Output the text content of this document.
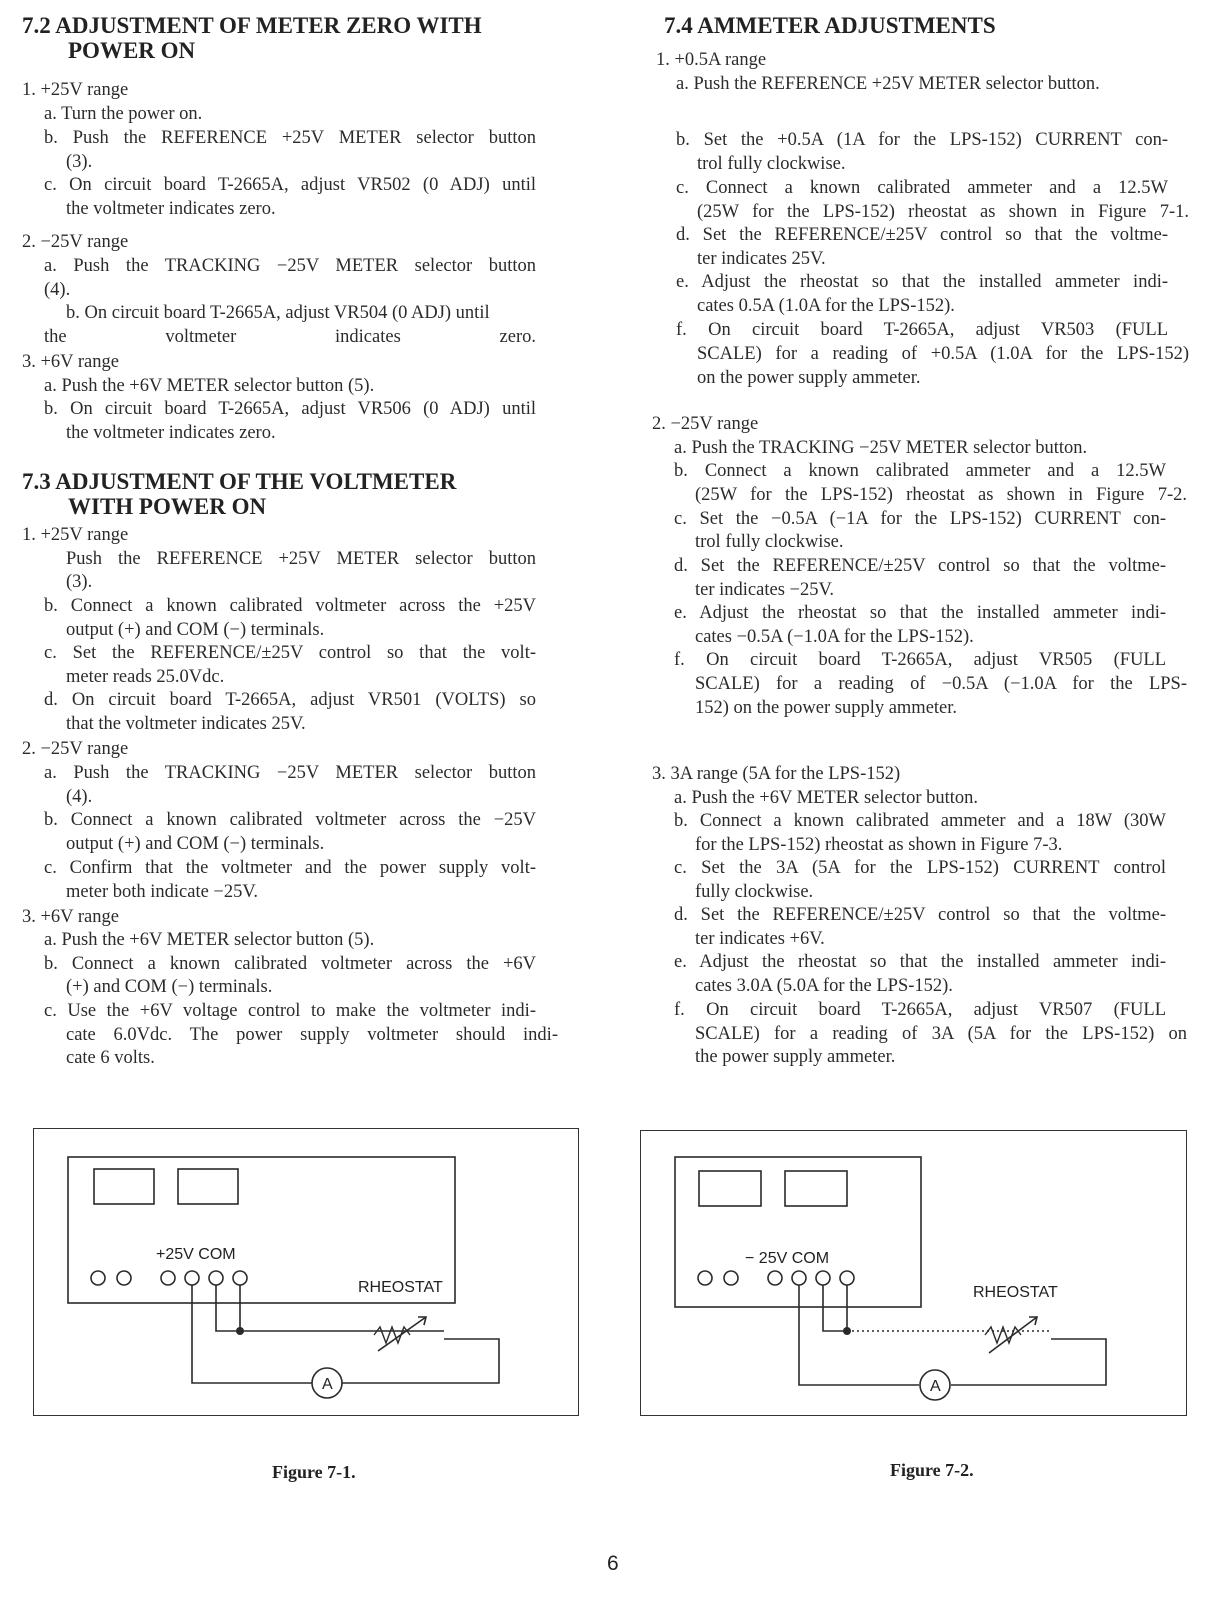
7.2 ADJUSTMENT OF METER ZERO WITH
POWER ON
1. +25V range
a. Turn the power on.
b. Push the REFERENCE +25V METER selector button
(3).
c. On circuit board T-2665A, adjust VR502 (0 ADJ) until
the voltmeter indicates zero.
2. −25V range
a. Push the TRACKING −25V METER selector button
(4).
b. On circuit board T-2665A, adjust VR504 (0 ADJ) until
the voltmeter indicates zero.
3. +6V range
a. Push the +6V METER selector button (5).
b. On circuit board T-2665A, adjust VR506 (0 ADJ) until
the voltmeter indicates zero.
7.3 ADJUSTMENT OF THE VOLTMETER
WITH POWER ON
1. +25V range
Push the REFERENCE +25V METER selector button
(3).
b. Connect a known calibrated voltmeter across the +25V
output (+) and COM (−) terminals.
c. Set the REFERENCE/±25V control so that the volt-
meter reads 25.0Vdc.
d. On circuit board T-2665A, adjust VR501 (VOLTS) so
that the voltmeter indicates 25V.
2. −25V range
a. Push the TRACKING −25V METER selector button
(4).
b. Connect a known calibrated voltmeter across the −25V
output (+) and COM (−) terminals.
c. Confirm that the voltmeter and the power supply volt-
meter both indicate −25V.
3. +6V range
a. Push the +6V METER selector button (5).
b. Connect a known calibrated voltmeter across the +6V
(+) and COM (−) terminals.
c. Use the +6V voltage control to make the voltmeter indi-
cate 6.0Vdc. The power supply voltmeter should indi-
cate 6 volts.
7.4 AMMETER ADJUSTMENTS
1. +0.5A range
a. Push the REFERENCE +25V METER selector button.
b. Set the +0.5A (1A for the LPS-152) CURRENT con-
trol fully clockwise.
c. Connect a known calibrated ammeter and a 12.5W
(25W for the LPS-152) rheostat as shown in Figure 7-1.
d. Set the REFERENCE/±25V control so that the voltme-
ter indicates 25V.
e. Adjust the rheostat so that the installed ammeter indi-
cates 0.5A (1.0A for the LPS-152).
f. On circuit board T-2665A, adjust VR503 (FULL
SCALE) for a reading of +0.5A (1.0A for the LPS-152)
on the power supply ammeter.
2. −25V range
a. Push the TRACKING −25V METER selector button.
b. Connect a known calibrated ammeter and a 12.5W
(25W for the LPS-152) rheostat as shown in Figure 7-2.
c. Set the −0.5A (−1A for the LPS-152) CURRENT con-
trol fully clockwise.
d. Set the REFERENCE/±25V control so that the voltme-
ter indicates −25V.
e. Adjust the rheostat so that the installed ammeter indi-
cates −0.5A (−1.0A for the LPS-152).
f. On circuit board T-2665A, adjust VR505 (FULL
SCALE) for a reading of −0.5A (−1.0A for the LPS-
152) on the power supply ammeter.
3. 3A range (5A for the LPS-152)
a. Push the +6V METER selector button.
b. Connect a known calibrated ammeter and a 18W (30W
for the LPS-152) rheostat as shown in Figure 7-3.
c. Set the 3A (5A for the LPS-152) CURRENT control
fully clockwise.
d. Set the REFERENCE/±25V control so that the voltme-
ter indicates +6V.
e. Adjust the rheostat so that the installed ammeter indi-
cates 3.0A (5.0A for the LPS-152).
f. On circuit board T-2665A, adjust VR507 (FULL
SCALE) for a reading of 3A (5A for the LPS-152) on
the power supply ammeter.
+25V COM
RHEOSTAT
A
Figure 7-1.
− 25V COM
RHEOSTAT
A
Figure 7-2.
6
